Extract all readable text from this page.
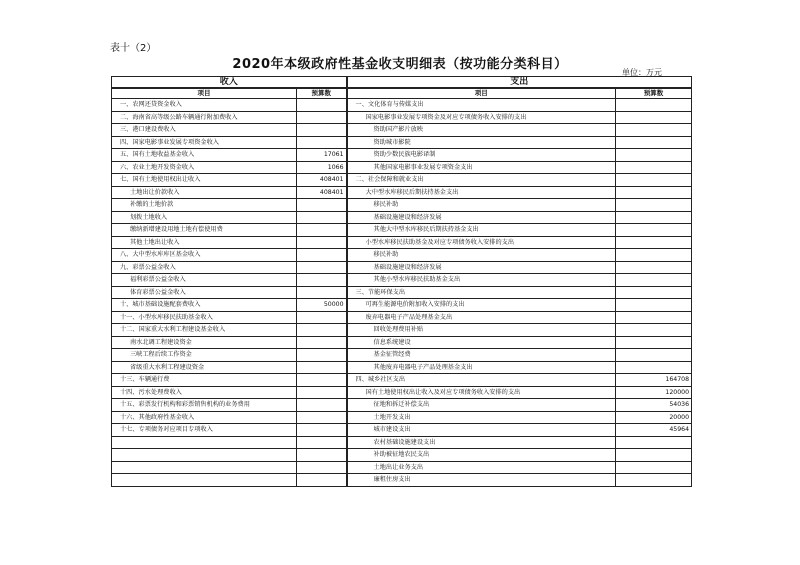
表十（2）
2020年本级政府性基金收支明细表（按功能分类科目）
单位：万元
收入		支出	
项目	预算数	项目	预算数
一、农网还贷资金收入		一、文化体育与传媒支出	
二、海南省高等级公路车辆通行附加费收入		国家电影事业发展专项资金及对应专项债务收入安排的支出	
三、港口建设费收入		资助国产影片放映	
四、国家电影事业发展专项资金收入		资助城市影院	
五、国有土地收益基金收入	17061	资助少数民族电影译制	
六、农业土地开发资金收入	1066	其他国家电影事业发展专项资金支出	
七、国有土地使用权出让收入	408401	二、社会保障和就业支出	
土地出让价款收入	408401	大中型水库移民后期扶持基金支出	
补缴的土地价款		移民补助	
划拨土地收入		基础设施建设和经济发展	
缴纳新增建设用地土地有偿使用费		其他大中型水库移民后期扶持基金支出	
其他土地出让收入		小型水库移民扶助基金及对应专项债务收入安排的支出	
八、大中型水库库区基金收入		移民补助	
九、彩票公益金收入		基础设施建设和经济发展	
福利彩票公益金收入		其他小型水库移民扶助基金支出	
体育彩票公益金收入		三、节能环保支出	
十、城市基础设施配套费收入	50000	可再生能源电价附加收入安排的支出	
十一、小型水库移民扶助基金收入		废弃电器电子产品处理基金支出	
十二、国家重大水利工程建设基金收入		回收处理费用补贴	
南水北调工程建设资金		信息系统建设	
三峡工程后续工作资金		基金征管经费	
省级重大水利工程建设资金		其他废弃电器电子产品处理基金支出	
十三、车辆通行费		四、城乡社区支出	164708
十四、污水处理费收入		国有土地使用权出让收入及对应专项债务收入安排的支出	120000
十五、彩票发行机构和彩票销售机构的业务费用		征地和拆迁补偿支出	54036
十六、其他政府性基金收入		土地开发支出	20000
十七、专项债务对应项目专项收入		城市建设支出	45964
		农村基础设施建设支出	
		补助被征地农民支出	
		土地出让业务支出	
		廉租住房支出	
